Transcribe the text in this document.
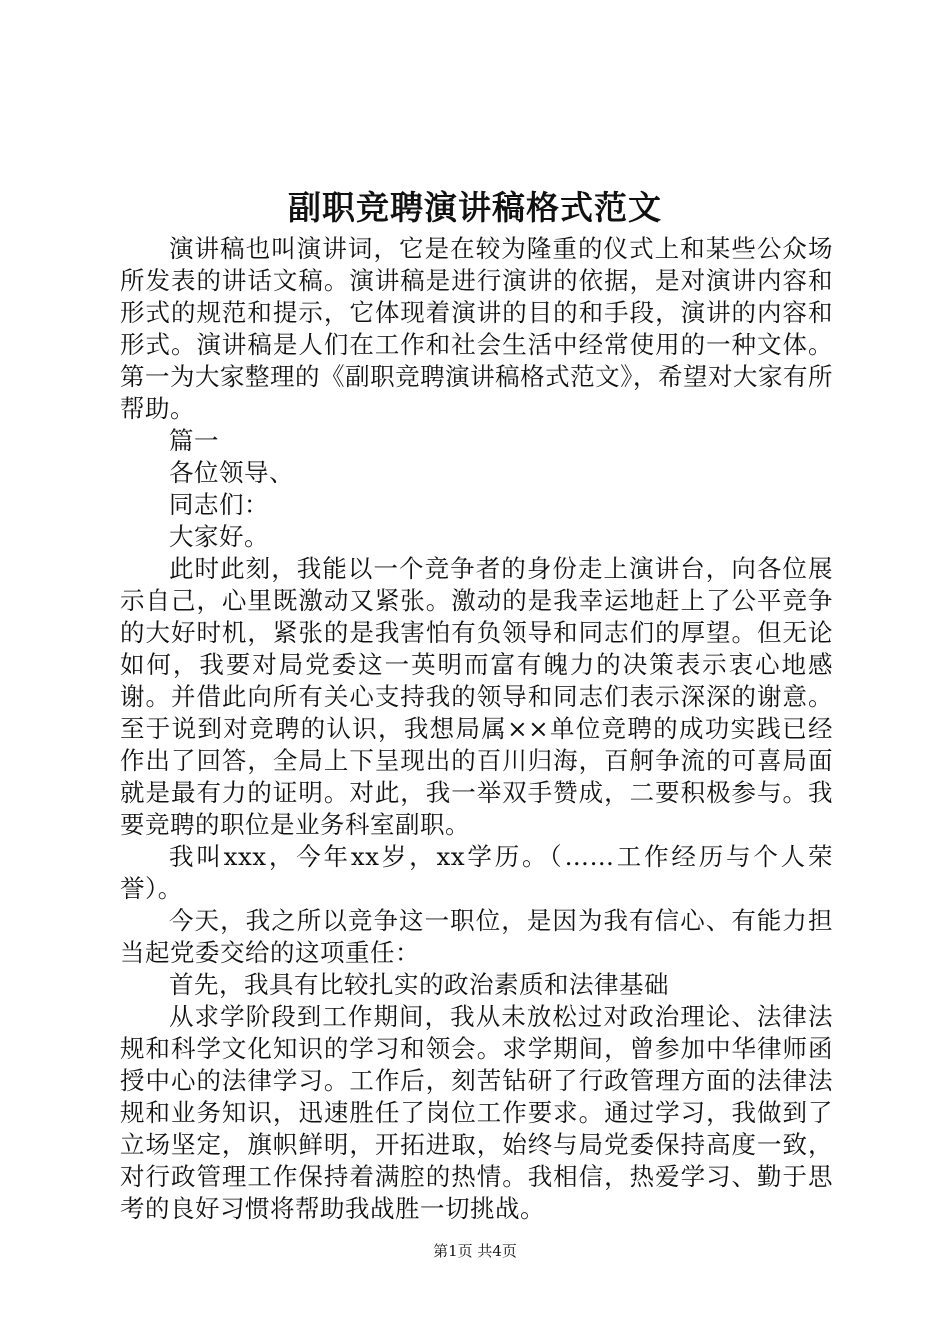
副职竞聘演讲稿格式范文

演讲稿也叫演讲词，它是在较为隆重的仪式上和某些公众场所发表的讲话文稿。演讲稿是进行演讲的依据，是对演讲内容和形式的规范和提示，它体现着演讲的目的和手段，演讲的内容和形式。演讲稿是人们在工作和社会生活中经常使用的一种文体。第一为大家整理的《副职竞聘演讲稿格式范文》，希望对大家有所帮助。

篇一

各位领导、

同志们：

大家好。

此时此刻，我能以一个竞争者的身份走上演讲台，向各位展示自己，心里既激动又紧张。激动的是我幸运地赶上了公平竞争的大好时机，紧张的是我害怕有负领导和同志们的厚望。但无论如何，我要对局党委这一英明而富有魄力的决策表示衷心地感谢。并借此向所有关心支持我的领导和同志们表示深深的谢意。至于说到对竞聘的认识，我想局属××单位竞聘的成功实践已经作出了回答，全局上下呈现出的百川归海，百舸争流的可喜局面就是最有力的证明。对此，我一举双手赞成，二要积极参与。我要竞聘的职位是业务科室副职。

我叫xxx，今年xx岁，xx学历。（……工作经历与个人荣誉）。

今天，我之所以竞争这一职位，是因为我有信心、有能力担当起党委交给的这项重任：

首先，我具有比较扎实的政治素质和法律基础

从求学阶段到工作期间，我从未放松过对政治理论、法律法规和科学文化知识的学习和领会。求学期间，曾参加中华律师函授中心的法律学习。工作后，刻苦钻研了行政管理方面的法律法规和业务知识，迅速胜任了岗位工作要求。通过学习，我做到了立场坚定，旗帜鲜明，开拓进取，始终与局党委保持高度一致，对行政管理工作保持着满腔的热情。我相信，热爱学习、勤于思考的良好习惯将帮助我战胜一切挑战。

第1页 共4页
